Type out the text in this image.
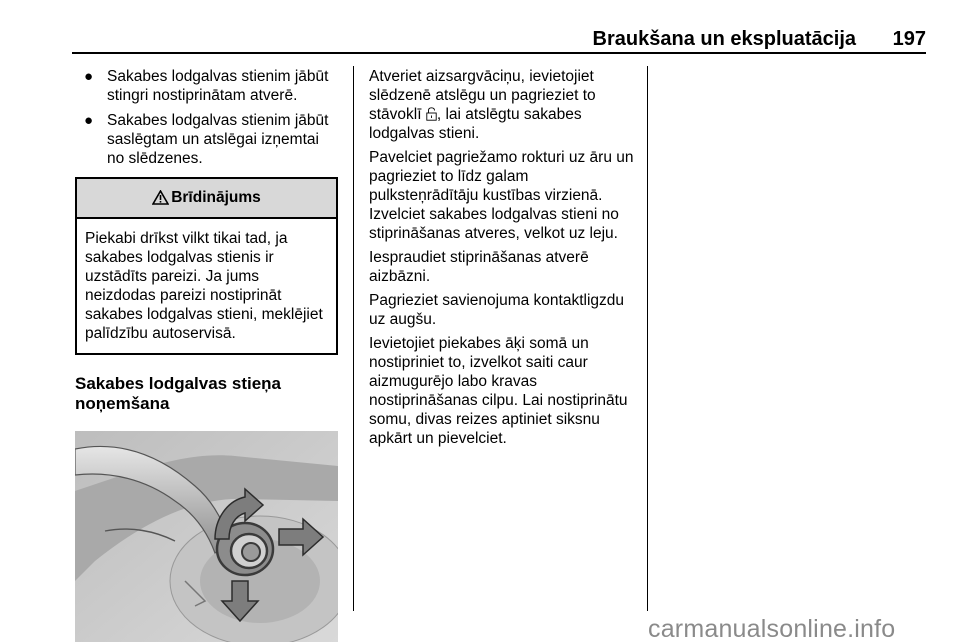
Braukšana un ekspluatācija 197
● Sakabes lodgalvas stienim jābūt stingri nostiprinātam atverē.
● Sakabes lodgalvas stienim jābūt saslēgtam un atslēgai izņemtai no slēdzenes.
Brīdinājums
Piekabi drīkst vilkt tikai tad, ja sakabes lodgalvas stienis ir uzstādīts pareizi. Ja jums neizdodas pareizi nostiprināt sakabes lodgalvas stieni, meklējiet palīdzību autoservisā.
Sakabes lodgalvas stieņa noņemšana

Atveriet aizsargvāciņu, ievietojiet slēdzenē atslēgu un pagrieziet to stāvoklī , lai atslēgtu sakabes lodgalvas stieni.

Pavelciet pagriežamo rokturi uz āru un pagrieziet to līdz galam pulksteņrādītāju kustības virzienā. Izvelciet sakabes lodgalvas stieni no stiprināšanas atveres, velkot uz leju.

Iespraudiet stiprināšanas atverē aizbāzni.

Pagrieziet savienojuma kontaktligzdu uz augšu.

Ievietojiet piekabes āķi somā un nostipriniet to, izvelkot saiti caur aizmugurējo labo kravas nostiprināšanas cilpu. Lai nostiprinātu somu, divas reizes aptiniet siksnu apkārt un pievelciet.

carmanualsonline.info
